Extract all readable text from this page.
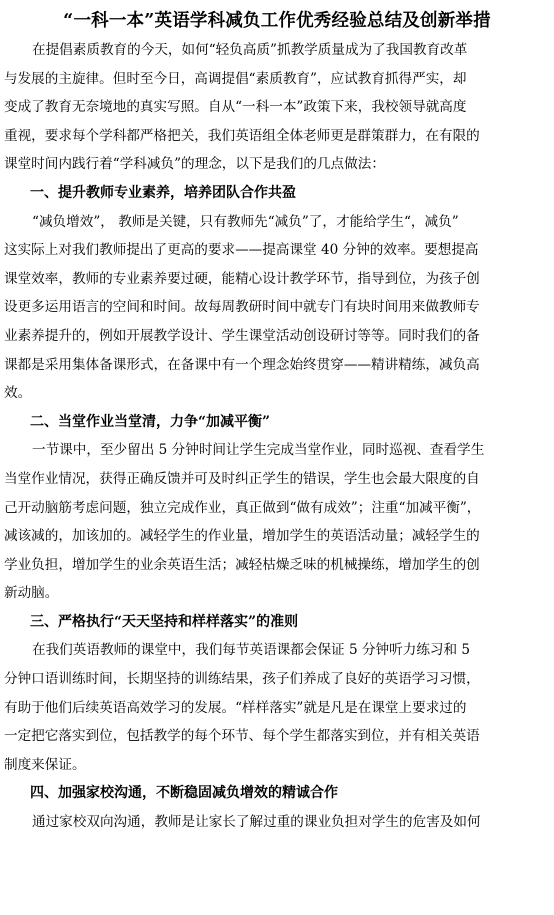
“一科一本”英语学科减负工作优秀经验总结及创新举措

在提倡素质教育的今天，如何“轻负高质”抓教学质量成为了我国教育改革
与发展的主旋律。但时至今日，高调提倡“素质教育”，应试教育抓得严实，却
变成了教育无奈境地的真实写照。自从“一科一本”政策下来，我校领导就高度
重视，要求每个学科都严格把关，我们英语组全体老师更是群策群力，在有限的
课堂时间内践行着“学科减负”的理念，以下是我们的几点做法：

一、提升教师专业素养，培养团队合作共盈

“减负增效”， 教师是关键，只有教师先“减负”了，才能给学生“，减负”
这实际上对我们教师提出了更高的要求——提高课堂 40 分钟的效率。要想提高
课堂效率，教师的专业素养要过硬，能精心设计教学环节，指导到位，为孩子创
设更多运用语言的空间和时间。故每周教研时间中就专门有块时间用来做教师专
业素养提升的，例如开展教学设计、学生课堂活动创设研讨等等。同时我们的备
课都是采用集体备课形式，在备课中有一个理念始终贯穿——精讲精练，减负高
效。

二、当堂作业当堂清，力争“加减平衡”

一节课中，至少留出 5 分钟时间让学生完成当堂作业，同时巡视、查看学生
当堂作业情况，获得正确反馈并可及时纠正学生的错误，学生也会最大限度的自
己开动脑筋考虑问题，独立完成作业，真正做到“做有成效”；注重“加减平衡”，
减该减的，加该加的。减轻学生的作业量，增加学生的英语活动量；减轻学生的
学业负担，增加学生的业余英语生活；减轻枯燥乏味的机械操练，增加学生的创
新动脑。

三、严格执行“天天坚持和样样落实”的准则

在我们英语教师的课堂中，我们每节英语课都会保证 5 分钟听力练习和 5
分钟口语训练时间，长期坚持的训练结果，孩子们养成了良好的英语学习习惯，
有助于他们后续英语高效学习的发展。“样样落实”就是凡是在课堂上要求过的
一定把它落实到位，包括教学的每个环节、每个学生都落实到位，并有相关英语
制度来保证。

四、加强家校沟通，不断稳固减负增效的精诚合作

通过家校双向沟通，教师是让家长了解过重的课业负担对学生的危害及如何
